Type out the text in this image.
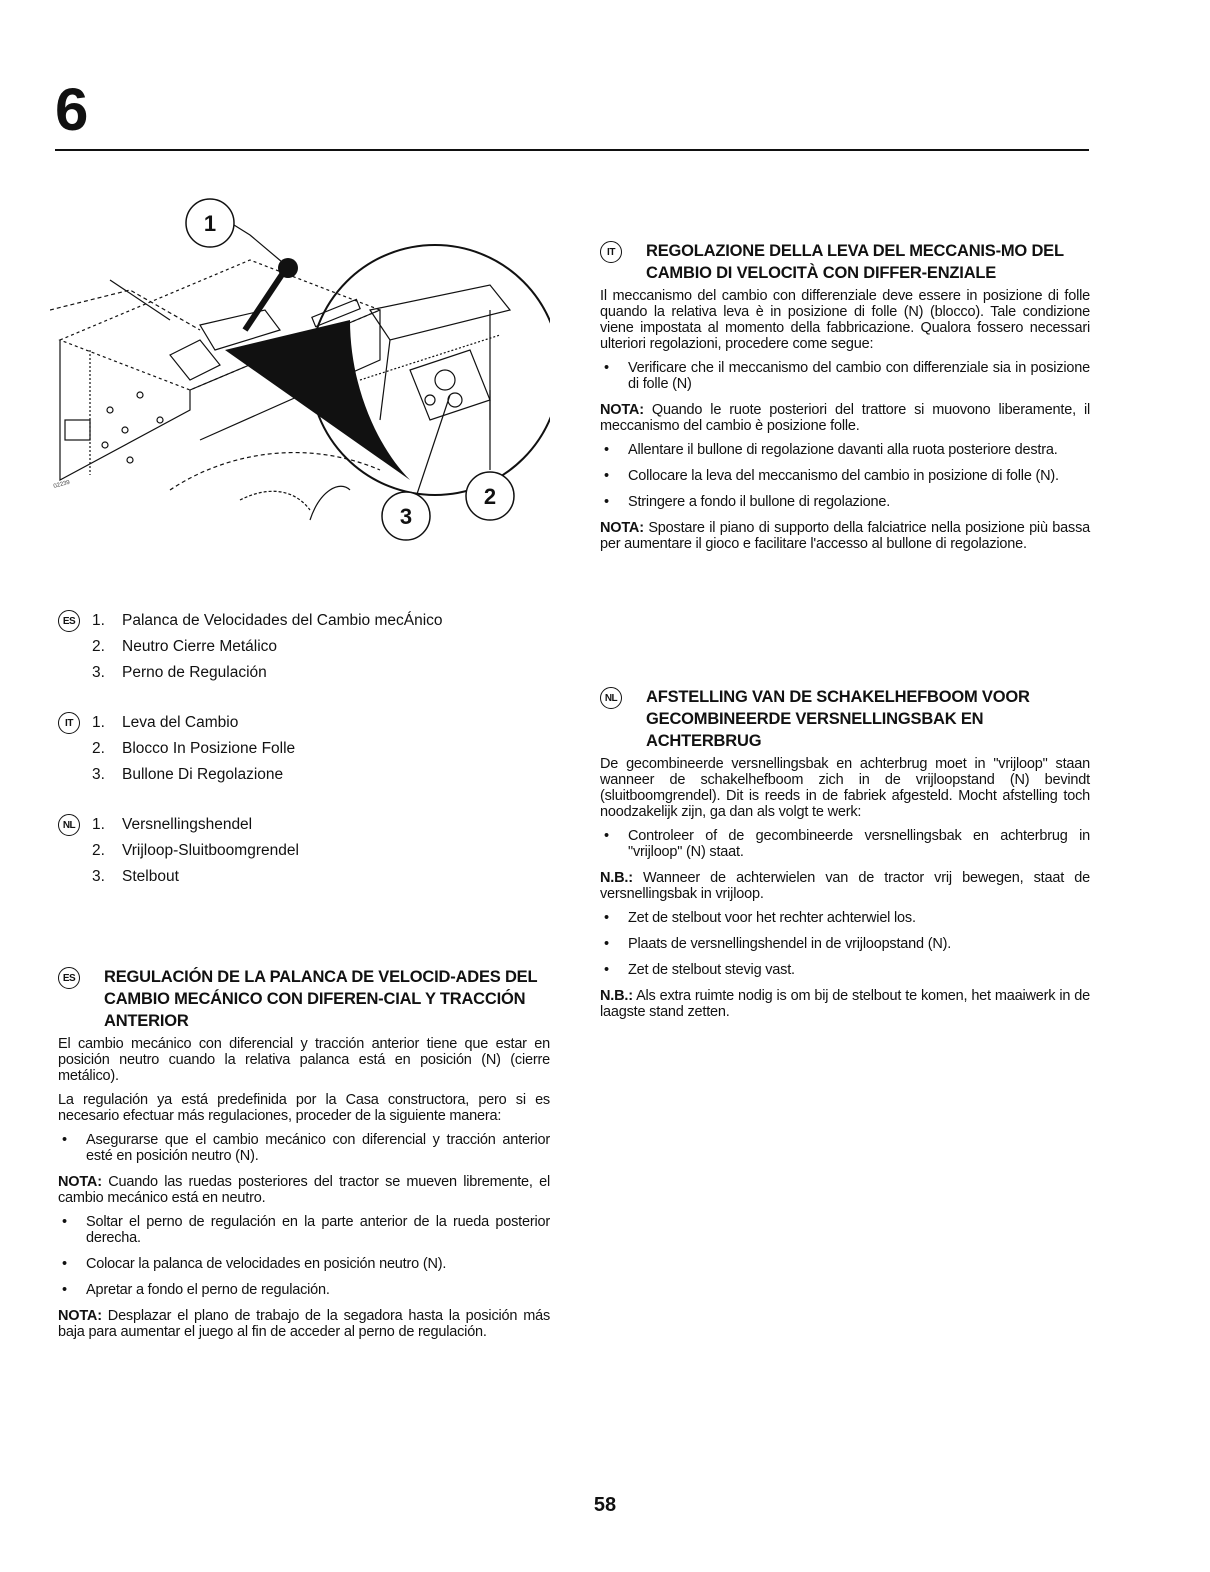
6
1
2
3
02239
ES	1.	Palanca de Velocidades del Cambio mecÁnico
2.	Neutro Cierre Metálico
3.	Perno de Regulación
IT	1.	Leva del Cambio
2.	Blocco In Posizione Folle
3.	Bullone Di Regolazione
NL	1.	Versnellingshendel
2.	Vrijloop-Sluitboomgrendel
3.	Stelbout
ES REGULACIÓN DE LA PALANCA DE VELOCID-ADES DEL CAMBIO MECÁNICO CON DIFEREN-CIAL Y TRACCIÓN ANTERIOR

El cambio mecánico con diferencial y tracción anterior tiene que estar en posición neutro cuando la relativa palanca está en posición (N) (cierre metálico).

La regulación ya está predefinida por la Casa constructora, pero si es necesario efectuar más regulaciones, proceder de la siguiente manera:

•	Asegurarse que el cambio mecánico con diferencial y tracción anterior esté en posición neutro (N).

NOTA: Cuando las ruedas posteriores del tractor se mueven libremente, el cambio mecánico está en neutro.

•	Soltar el perno de regulación en la parte anterior de la rueda posterior derecha.
•	Colocar la palanca de velocidades en posición neutro (N).
•	Apretar a fondo el perno de regulación.

NOTA: Desplazar el plano de trabajo de la segadora hasta la posición más baja para aumentar el juego al fin de acceder al perno de regulación.

IT	REGOLAZIONE DELLA LEVA DEL MECCANIS-MO DEL CAMBIO DI VELOCITÀ CON DIFFER-ENZIALE

Il meccanismo del cambio con differenziale deve essere in posizione di folle quando la relativa leva è in posizione di folle (N) (blocco). Tale condizione viene impostata al momento della fabbricazione. Qualora fossero necessari ulteriori regolazioni, procedere come segue:

•	Verificare che il meccanismo del cambio con differenziale sia in posizione di folle (N)

NOTA: Quando le ruote posteriori del trattore si muovono liberamente, il meccanismo del cambio è posizione folle.

•	Allentare il bullone di regolazione davanti alla ruota posteriore destra.
•	Collocare la leva del meccanismo del cambio in posizione di folle (N).
•	Stringere a fondo il bullone di regolazione.

NOTA: Spostare il piano di supporto della falciatrice nella posizione più bassa per aumentare il gioco e facilitare l'accesso al bullone di regolazione.

NL AFSTELLING VAN DE SCHAKELHEFBOOM VOOR GECOMBINEERDE VERSNELLINGSBAK EN ACHTERBRUG

De gecombineerde versnellingsbak en achterbrug moet in "vrijloop" staan wanneer de schakelhefboom zich in de vrijloopstand (N) bevindt (sluitboomgrendel). Dit is reeds in de fabriek afgesteld. Mocht afstelling toch noodzakelijk zijn, ga dan als volgt te werk:

•	Controleer of de gecombineerde versnellingsbak en achterbrug in "vrijloop" (N) staat.

N.B.: Wanneer de achterwielen van de tractor vrij bewegen, staat de versnellingsbak in vrijloop.

•	Zet de stelbout voor het rechter achterwiel los.
•	Plaats de versnellingshendel in de vrijloopstand (N).
•	Zet de stelbout stevig vast.

N.B.: Als extra ruimte nodig is om bij de stelbout te komen, het maaiwerk in de laagste stand zetten.

58
